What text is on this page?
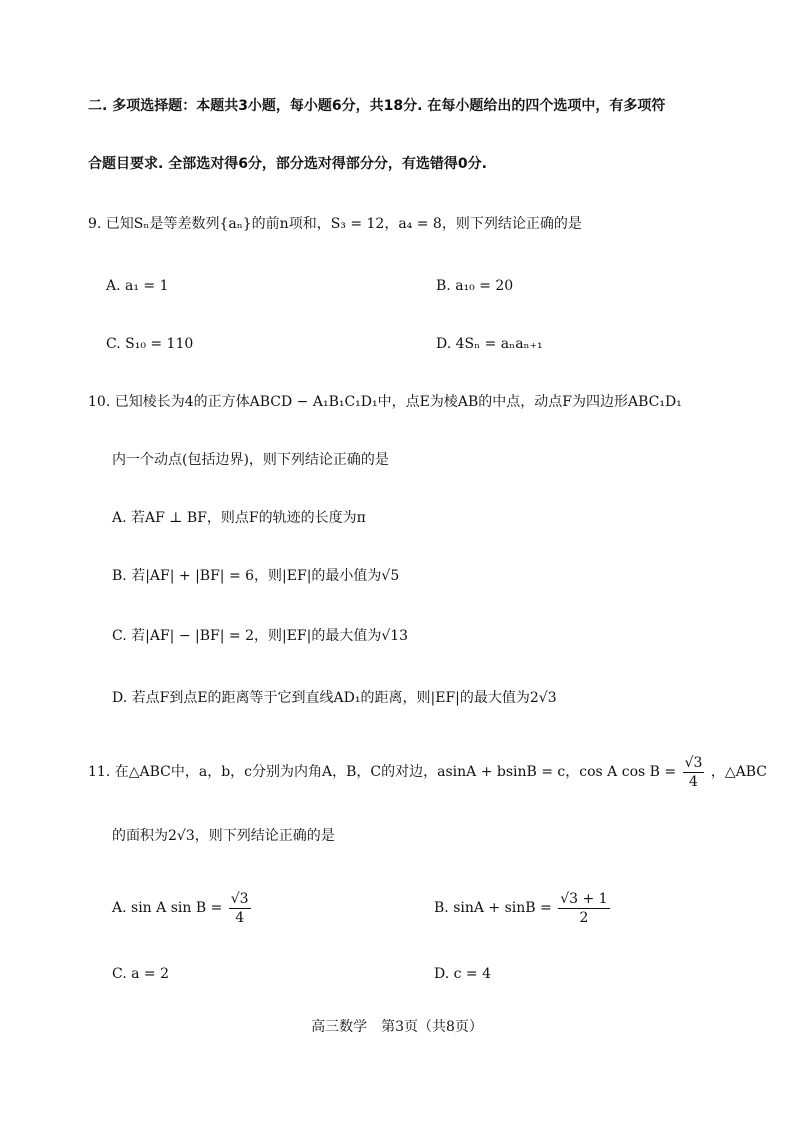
二. 多项选择题：本题共3小题，每小题6分，共18分. 在每小题给出的四个选项中，有多项符
合题目要求. 全部选对得6分，部分选对得部分分，有选错得0分.
9. 已知Sₙ是等差数列{aₙ}的前n项和，S₃ = 12，a₄ = 8，则下列结论正确的是
A. a₁ = 1	B. a₁₀ = 20
C. S₁₀ = 110	D. 4Sₙ = aₙaₙ₊₁
10. 已知棱长为4的正方体ABCD − A₁B₁C₁D₁中，点E为棱AB的中点，动点F为四边形ABC₁D₁
内一个动点(包括边界)，则下列结论正确的是
A. 若AF ⊥ BF，则点F的轨迹的长度为π
B. 若|AF| + |BF| = 6，则|EF|的最小值为√5
C. 若|AF| − |BF| = 2，则|EF|的最大值为√13
D. 若点F到点E的距离等于它到直线AD₁的距离，则|EF|的最大值为2√3
11. 在△ABC中，a，b，c分别为内角A，B，C的对边，asinA + bsinB = c，cos A $\cos B = \frac{√3}{4}$ ，△ABC
的面积为2√3，则下列结论正确的是
A. sin A $\sin B = \frac{√3}{4}$	B. $\sin A + \sin B = \frac{√3 + 1}{2}$
C. a = 2	D. c = 4
高三数学　第3页（共8页）
